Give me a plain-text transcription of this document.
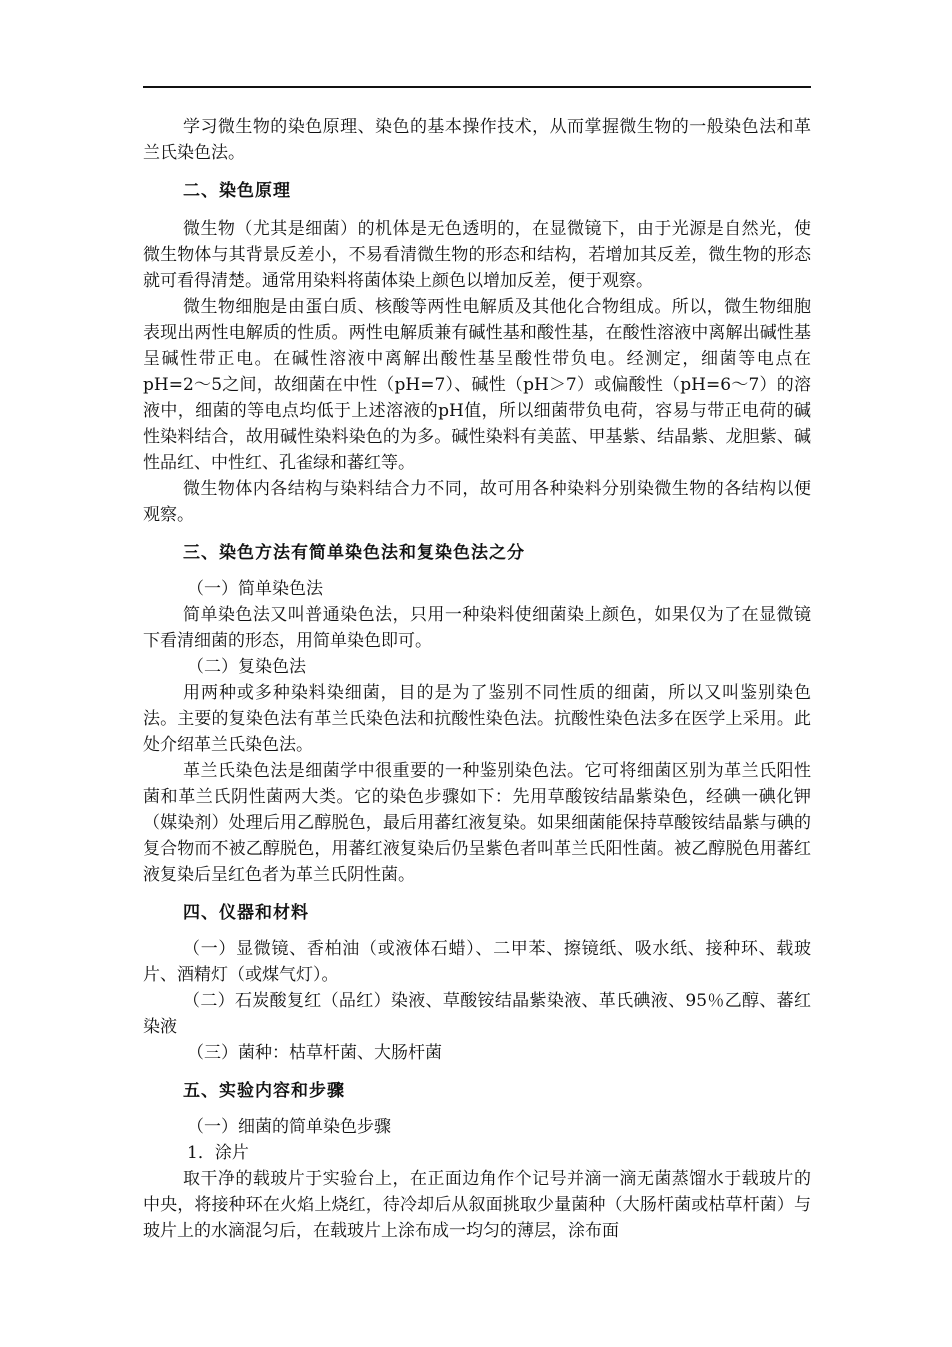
学习微生物的染色原理、染色的基本操作技术，从而掌握微生物的一般染色法和革兰氏染色法。

二、染色原理

微生物（尤其是细菌）的机体是无色透明的，在显微镜下，由于光源是自然光，使微生物体与其背景反差小，不易看清微生物的形态和结构，若增加其反差，微生物的形态就可看得清楚。通常用染料将菌体染上颜色以增加反差，便于观察。

微生物细胞是由蛋白质、核酸等两性电解质及其他化合物组成。所以，微生物细胞表现出两性电解质的性质。两性电解质兼有碱性基和酸性基，在酸性溶液中离解出碱性基呈碱性带正电。在碱性溶液中离解出酸性基呈酸性带负电。经测定，细菌等电点在 pH=2～5之间，故细菌在中性（pH=7）、碱性（pH＞7）或偏酸性（pH=6～7）的溶液中，细菌的等电点均低于上述溶液的pH值，所以细菌带负电荷，容易与带正电荷的碱性染料结合，故用碱性染料染色的为多。碱性染料有美蓝、甲基紫、结晶紫、龙胆紫、碱性品红、中性红、孔雀绿和蕃红等。

微生物体内各结构与染料结合力不同，故可用各种染料分别染微生物的各结构以便观察。

三、染色方法有简单染色法和复染色法之分

（一）简单染色法

简单染色法又叫普通染色法，只用一种染料使细菌染上颜色，如果仅为了在显微镜下看清细菌的形态，用简单染色即可。

（二）复染色法

用两种或多种染料染细菌，目的是为了鉴别不同性质的细菌，所以又叫鉴别染色法。主要的复染色法有革兰氏染色法和抗酸性染色法。抗酸性染色法多在医学上采用。此处介绍革兰氏染色法。

革兰氏染色法是细菌学中很重要的一种鉴别染色法。它可将细菌区别为革兰氏阳性菌和革兰氏阴性菌两大类。它的染色步骤如下：先用草酸铵结晶紫染色，经碘一碘化钾（媒染剂）处理后用乙醇脱色，最后用蕃红液复染。如果细菌能保持草酸铵结晶紫与碘的复合物而不被乙醇脱色，用蕃红液复染后仍呈紫色者叫革兰氏阳性菌。被乙醇脱色用蕃红液复染后呈红色者为革兰氏阴性菌。

四、仪器和材料

（一）显微镜、香柏油（或液体石蜡）、二甲苯、擦镜纸、吸水纸、接种环、载玻片、酒精灯（或煤气灯）。

（二）石炭酸复红（品红）染液、草酸铵结晶紫染液、革氏碘液、95％乙醇、蕃红染液

（三）菌种：枯草杆菌、大肠杆菌

五、实验内容和步骤

（一）细菌的简单染色步骤

1．涂片

取干净的载玻片于实验台上，在正面边角作个记号并滴一滴无菌蒸馏水于载玻片的中央，将接种环在火焰上烧红，待冷却后从叙面挑取少量菌种（大肠杆菌或枯草杆菌）与玻片上的水滴混匀后，在载玻片上涂布成一均匀的薄层，涂布面
